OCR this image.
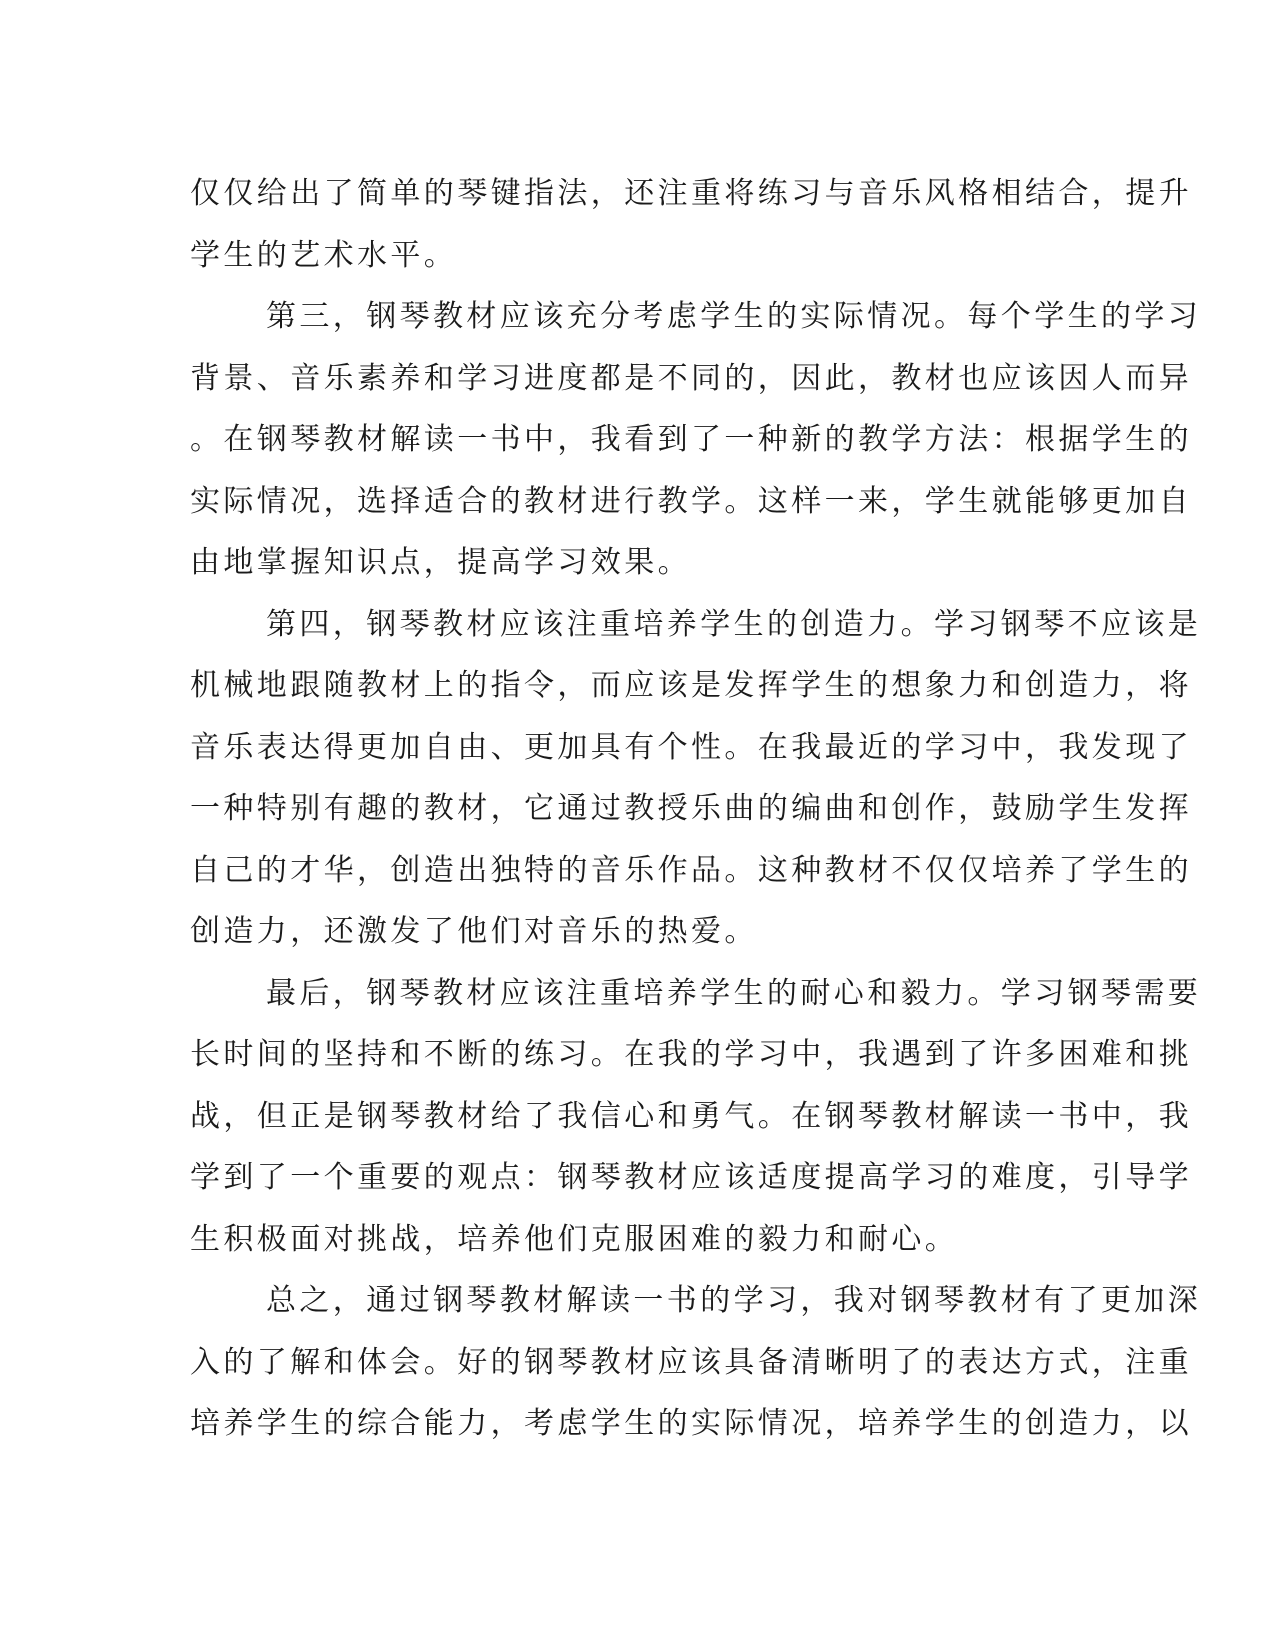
仅仅给出了简单的琴键指法，还注重将练习与音乐风格相结合，提升
学生的艺术水平。
第三，钢琴教材应该充分考虑学生的实际情况。每个学生的学习
背景、音乐素养和学习进度都是不同的，因此，教材也应该因人而异
。在钢琴教材解读一书中，我看到了一种新的教学方法：根据学生的
实际情况，选择适合的教材进行教学。这样一来，学生就能够更加自
由地掌握知识点，提高学习效果。
第四，钢琴教材应该注重培养学生的创造力。学习钢琴不应该是
机械地跟随教材上的指令，而应该是发挥学生的想象力和创造力，将
音乐表达得更加自由、更加具有个性。在我最近的学习中，我发现了
一种特别有趣的教材，它通过教授乐曲的编曲和创作，鼓励学生发挥
自己的才华，创造出独特的音乐作品。这种教材不仅仅培养了学生的
创造力，还激发了他们对音乐的热爱。
最后，钢琴教材应该注重培养学生的耐心和毅力。学习钢琴需要
长时间的坚持和不断的练习。在我的学习中，我遇到了许多困难和挑
战，但正是钢琴教材给了我信心和勇气。在钢琴教材解读一书中，我
学到了一个重要的观点：钢琴教材应该适度提高学习的难度，引导学
生积极面对挑战，培养他们克服困难的毅力和耐心。
总之，通过钢琴教材解读一书的学习，我对钢琴教材有了更加深
入的了解和体会。好的钢琴教材应该具备清晰明了的表达方式，注重
培养学生的综合能力，考虑学生的实际情况，培养学生的创造力，以
